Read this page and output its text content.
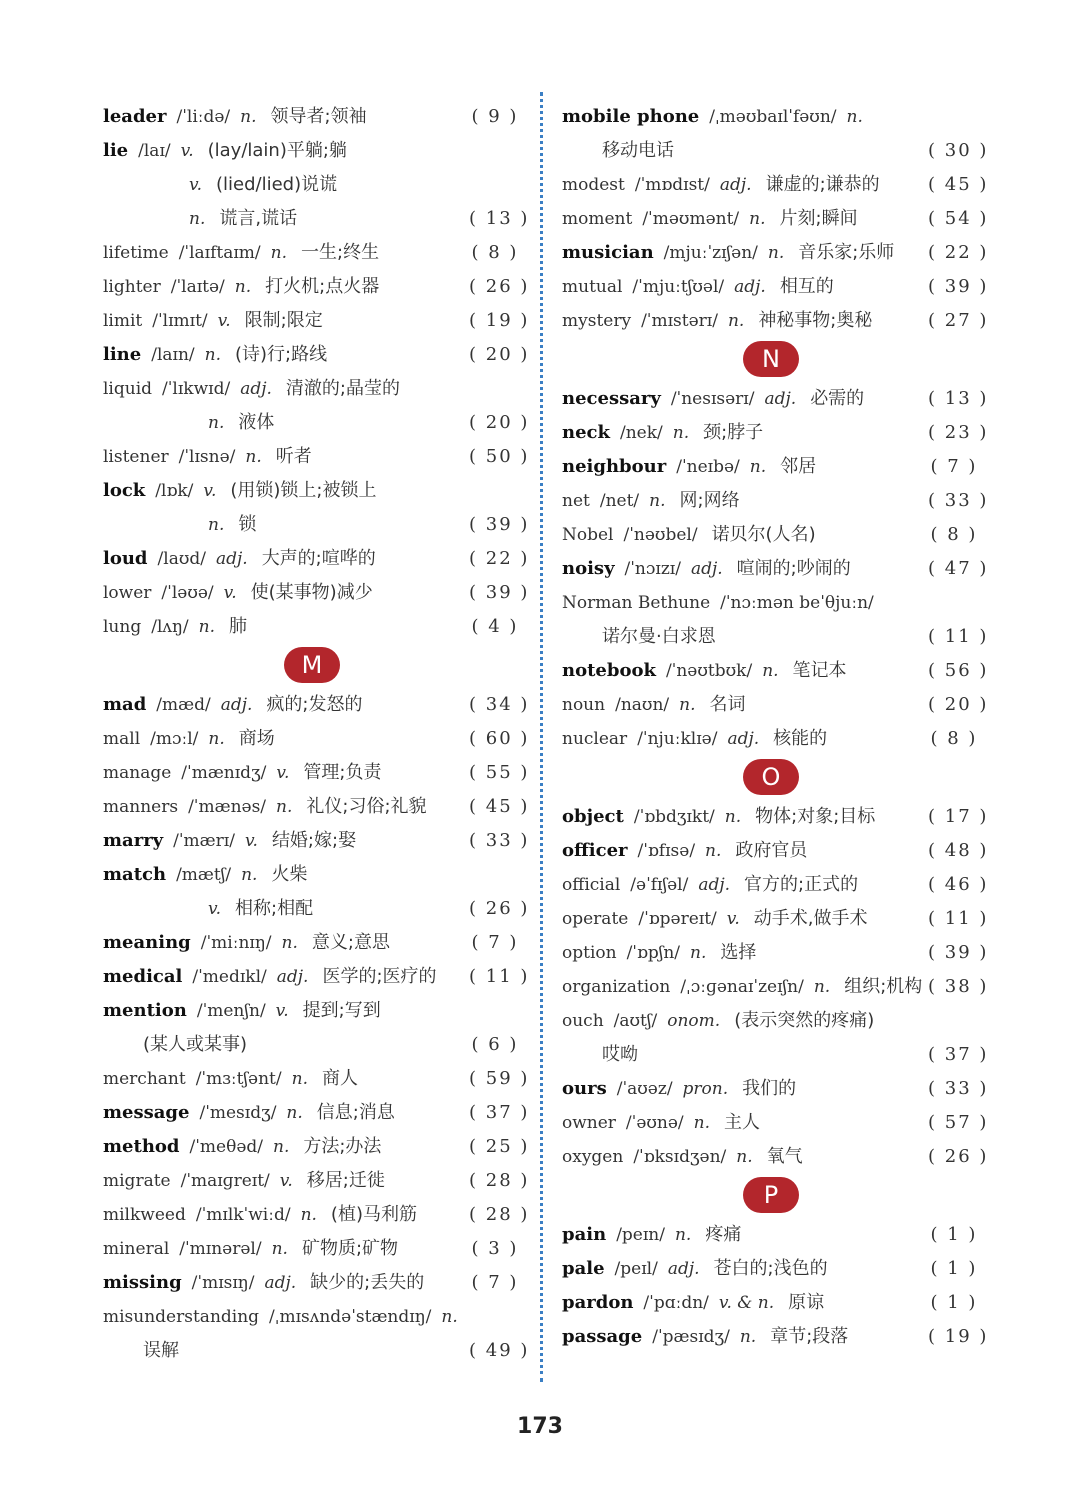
leader /ˈliːdə/ n. 领导者;领袖	( 9 )
lie /laɪ/ v. (lay/lain)平躺;躺
v. (lied/lied)说谎
n. 谎言,谎话	( 13 )
lifetime /ˈlaɪftaɪm/ n. 一生;终生	( 8 )
lighter /ˈlaɪtə/ n. 打火机;点火器	( 26 )
limit /ˈlɪmɪt/ v. 限制;限定	( 19 )
line /laɪn/ n. (诗)行;路线	( 20 )
liquid /ˈlɪkwɪd/ adj. 清澈的;晶莹的
n. 液体	( 20 )
listener /ˈlɪsnə/ n. 听者	( 50 )
lock /lɒk/ v. (用锁)锁上;被锁上
n. 锁	( 39 )
loud /laʊd/ adj. 大声的;喧哗的	( 22 )
lower /ˈləʊə/ v. 使(某事物)减少	( 39 )
lung /lʌŋ/ n. 肺	( 4 )
M
mad /mæd/ adj. 疯的;发怒的	( 34 )
mall /mɔːl/ n. 商场	( 60 )
manage /ˈmænɪdʒ/ v. 管理;负责	( 55 )
manners /ˈmænəs/ n. 礼仪;习俗;礼貌 ( 45 )
marry /ˈmærɪ/ v. 结婚;嫁;娶	( 33 )
match /mætʃ/ n. 火柴
v. 相称;相配	( 26 )
meaning /ˈmiːnɪŋ/ n. 意义;意思	( 7 )
medical /ˈmedɪkl/ adj. 医学的;医疗的 ( 11 )
mention /ˈmenʃn/ v. 提到;写到
(某人或某事)	( 6 )
merchant /ˈmɜːtʃənt/ n. 商人	( 59 )
message /ˈmesɪdʒ/ n. 信息;消息	( 37 )
method /ˈmeθəd/ n. 方法;办法	( 25 )
migrate /ˈmaɪɡreɪt/ v. 移居;迁徙	( 28 )
milkweed /ˈmɪlkˈwiːd/ n. (植)马利筋	( 28 )
mineral /ˈmɪnərəl/ n. 矿物质;矿物	( 3 )
missing /ˈmɪsɪŋ/ adj. 缺少的;丢失的	( 7 )
misunderstanding /ˌmɪsʌndəˈstændɪŋ/ n.
误解	( 49 )
mobile phone /ˌməʊbaɪlˈfəʊn/ n.
移动电话	( 30 )
modest /ˈmɒdɪst/ adj. 谦虚的;谦恭的	( 45 )
moment /ˈməʊmənt/ n. 片刻;瞬间	( 54 )
musician /mjuːˈzɪʃən/ n. 音乐家;乐师 ( 22 )
mutual /ˈmjuːtʃʊəl/ adj. 相互的	( 39 )
mystery /ˈmɪstərɪ/ n. 神秘事物;奥秘	( 27 )
N
necessary /ˈnesɪsərɪ/ adj. 必需的	( 13 )
neck /nek/ n. 颈;脖子	( 23 )
neighbour /ˈneɪbə/ n. 邻居	( 7 )
net /net/ n. 网;网络	( 33 )
Nobel /ˈnəʊbel/ 诺贝尔(人名)	( 8 )
noisy /ˈnɔɪzɪ/ adj. 喧闹的;吵闹的	( 47 )
Norman Bethune /ˈnɔːmən beˈθjuːn/
诺尔曼·白求恩	( 11 )
notebook /ˈnəʊtbʊk/ n. 笔记本	( 56 )
noun /naʊn/ n. 名词	( 20 )
nuclear /ˈnjuːklɪə/ adj. 核能的	( 8 )
O
object /ˈɒbdʒɪkt/ n. 物体;对象;目标	( 17 )
officer /ˈɒfɪsə/ n. 政府官员	( 48 )
official /əˈfɪʃəl/ adj. 官方的;正式的	( 46 )
operate /ˈɒpəreɪt/ v. 动手术,做手术	( 11 )
option /ˈɒpʃn/ n. 选择	( 39 )
organization /ˌɔːɡənaɪˈzeɪʃn/ n. 组织;机构 ( 38 )
ouch /aʊtʃ/ onom. (表示突然的疼痛)
哎呦	( 37 )
ours /ˈaʊəz/ pron. 我们的	( 33 )
owner /ˈəʊnə/ n. 主人	( 57 )
oxygen /ˈɒksɪdʒən/ n. 氧气	( 26 )
P
pain /peɪn/ n. 疼痛	( 1 )
pale /peɪl/ adj. 苍白的;浅色的	( 1 )
pardon /ˈpɑːdn/ v. & n. 原谅	( 1 )
passage /ˈpæsɪdʒ/ n. 章节;段落	( 19 )
173
